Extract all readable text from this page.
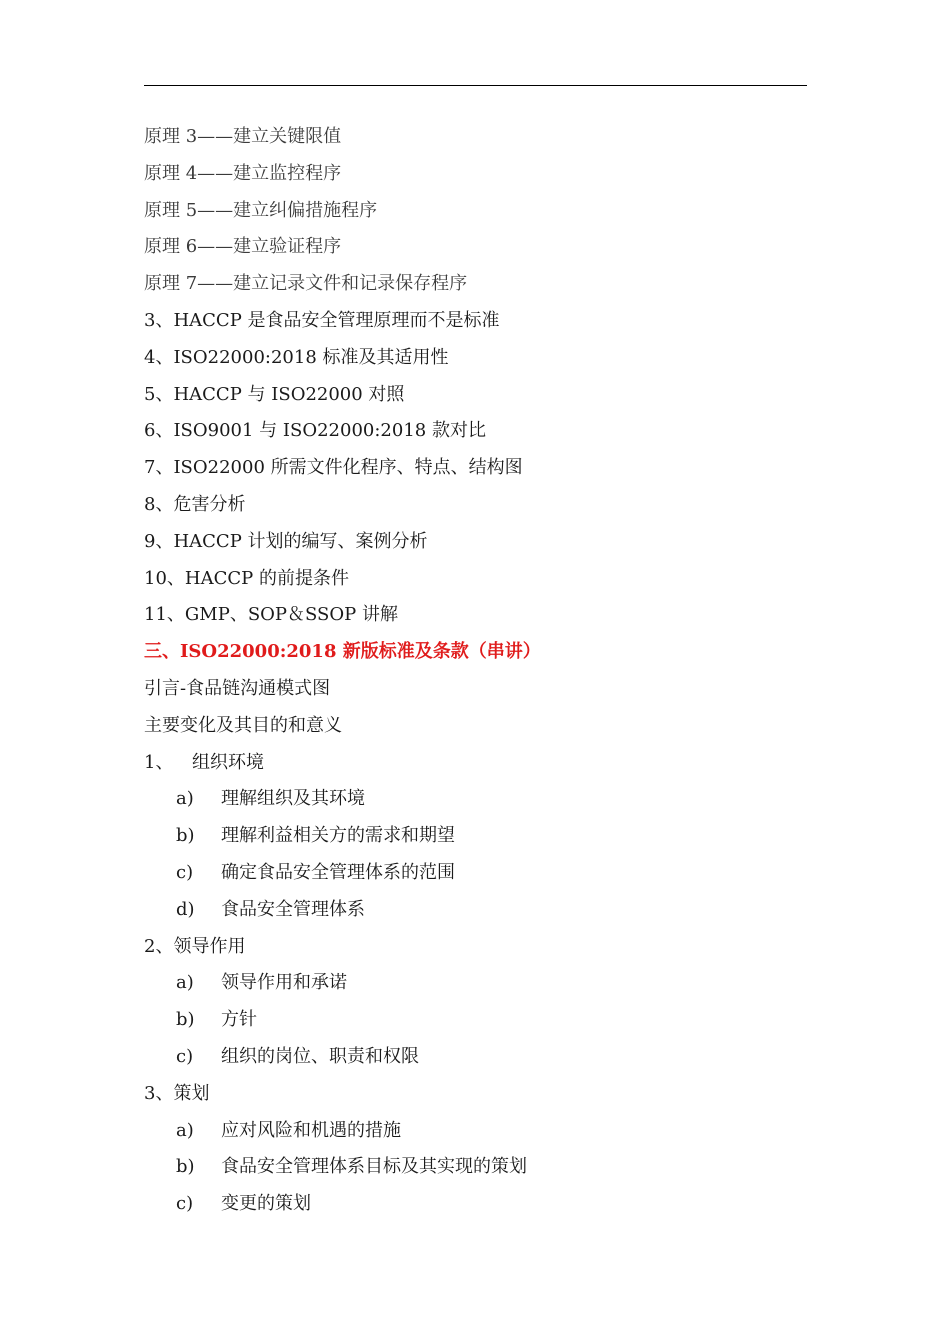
原理 3——建立关键限值
原理 4——建立监控程序
原理 5——建立纠偏措施程序
原理 6——建立验证程序
原理 7——建立记录文件和记录保存程序
3、HACCP 是食品安全管理原理而不是标准
4、ISO22000:2018 标准及其适用性
5、HACCP 与 ISO22000 对照
6、ISO9001 与 ISO22000:2018 款对比
7、ISO22000 所需文件化程序、特点、结构图
8、危害分析
9、HACCP 计划的编写、案例分析
10、HACCP 的前提条件
11、GMP、SOP＆SSOP 讲解
三、ISO22000:2018 新版标准及条款（串讲）
引言-食品链沟通模式图
主要变化及其目的和意义
1、 组织环境
a) 理解组织及其环境
b) 理解利益相关方的需求和期望
c) 确定食品安全管理体系的范围
d) 食品安全管理体系
2、领导作用
a) 领导作用和承诺
b) 方针
c) 组织的岗位、职责和权限
3、策划
a) 应对风险和机遇的措施
b) 食品安全管理体系目标及其实现的策划
c) 变更的策划
